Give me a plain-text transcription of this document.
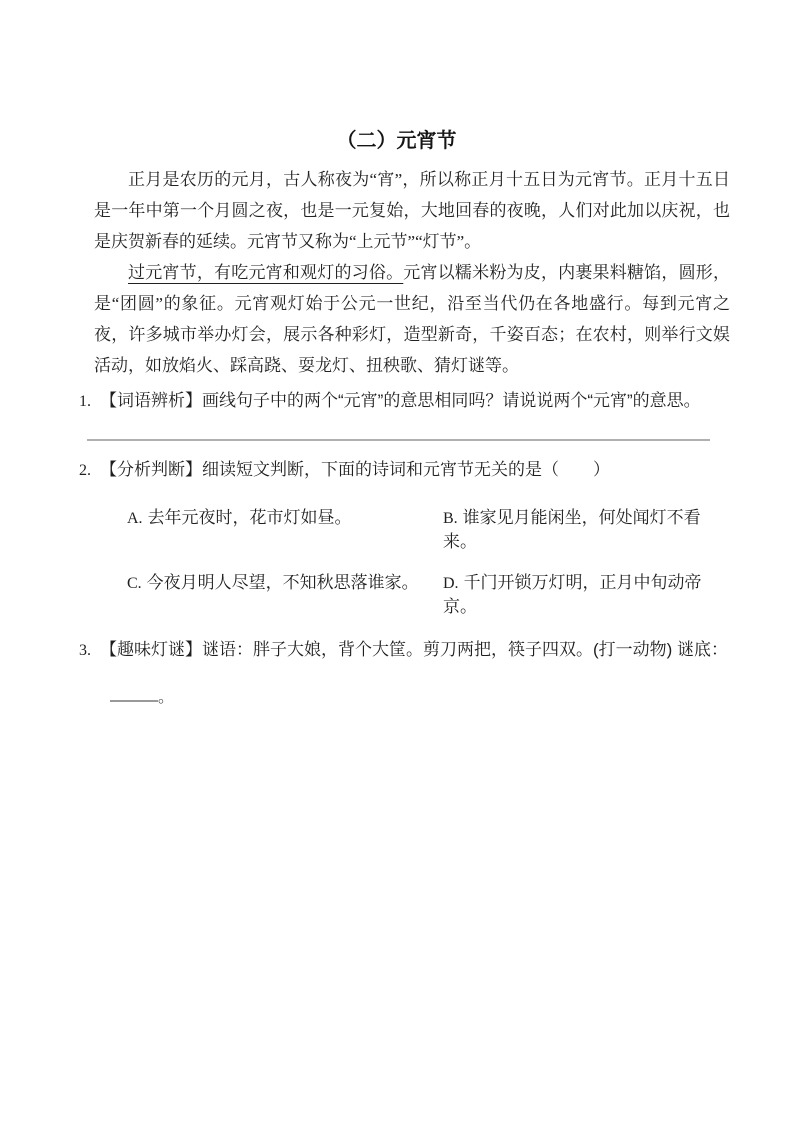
（二）元宵节

正月是农历的元月，古人称夜为“宵”，所以称正月十五日为元宵节。正月十五日是一年中第一个月圆之夜，也是一元复始，大地回春的夜晚，人们对此加以庆祝，也是庆贺新春的延续。元宵节又称为“上元节”“灯节”。

过元宵节，有吃元宵和观灯的习俗。元宵以糯米粉为皮，内裹果料糖馅，圆形，是“团圆”的象征。元宵观灯始于公元一世纪，沿至当代仍在各地盛行。每到元宵之夜，许多城市举办灯会，展示各种彩灯，造型新奇，千姿百态；在农村，则举行文娱活动，如放焰火、踩高跷、耍龙灯、扭秧歌、猜灯谜等。

1. 【词语辨析】画线句子中的两个“元宵”的意思相同吗？请说说两个“元宵”的意思。
2. 【分析判断】细读短文判断，下面的诗词和元宵节无关的是（　　）
A. 去年元夜时，花市灯如昼。	B. 谁家见月能闲坐，何处闻灯不看来。
C. 今夜月明人尽望，不知秋思落谁家。	D. 千门开锁万灯明，正月中旬动帝京。
3. 【趣味灯谜】谜语：胖子大娘，背个大筐。剪刀两把，筷子四双。(打一动物) 谜底：
。
